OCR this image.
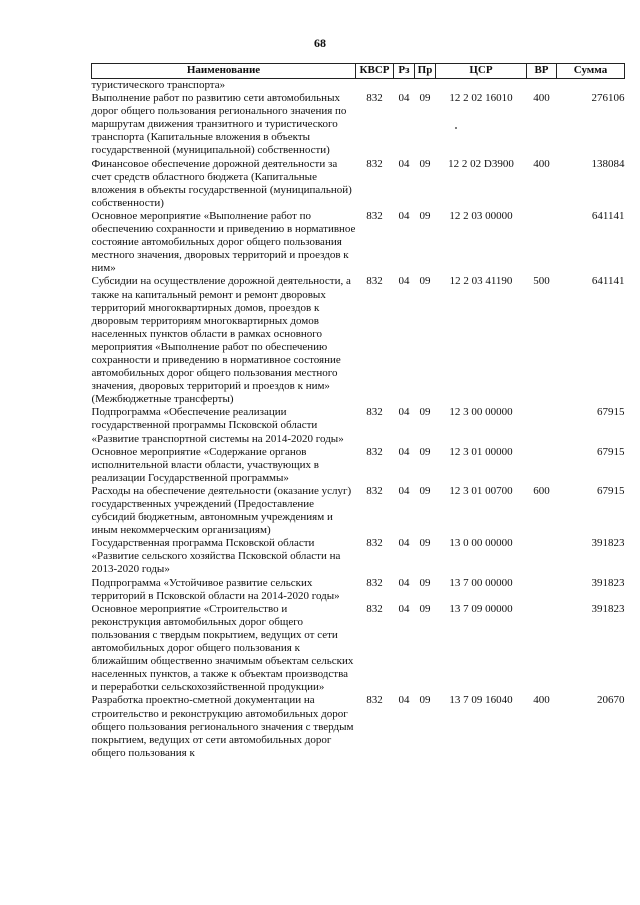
68
Наименование	КВСР	Рз	Пр	ЦСР	ВР	Сумма
туристического транспорта»						
Выполнение работ по развитию сети автомобильных дорог общего пользования регионального значения по маршрутам движения транзитного и туристического транспорта (Капитальные вложения в объекты государственной (муниципальной) собственности)	832	04	09	12 2 02 16010	400	276106
Финансовое обеспечение дорожной деятельности за счет средств областного бюджета (Капитальные вложения в объекты государственной (муниципальной) собственности)	832	04	09	12 2 02 D3900	400	138084
Основное мероприятие «Выполнение работ по обеспечению сохранности и приведению в нормативное состояние автомобильных дорог общего пользования местного значения, дворовых территорий и проездов к ним»	832	04	09	12 2 03 00000		641141
Субсидии на осуществление дорожной деятельности, а также на капитальный ремонт и ремонт дворовых территорий многоквартирных домов, проездов к дворовым территориям многоквартирных домов населенных пунктов области в рамках основного мероприятия «Выполнение работ по обеспечению сохранности и приведению в нормативное состояние автомобильных дорог общего пользования местного значения, дворовых территорий и проездов к ним» (Межбюджетные трансферты)	832	04	09	12 2 03 41190	500	641141
Подпрограмма «Обеспечение реализации государственной программы Псковской области «Развитие транспортной системы на 2014-2020 годы»	832	04	09	12 3 00 00000		67915
Основное мероприятие «Содержание органов исполнительной власти области, участвующих в реализации Государственной программы»	832	04	09	12 3 01 00000		67915
Расходы на обеспечение деятельности (оказание услуг) государственных учреждений (Предоставление субсидий бюджетным, автономным учреждениям и иным некоммерческим организациям)	832	04	09	12 3 01 00700	600	67915
Государственная программа Псковской области «Развитие сельского хозяйства Псковской области на 2013-2020 годы»	832	04	09	13 0 00 00000		391823
Подпрограмма «Устойчивое развитие сельских территорий в Псковской области на 2014-2020 годы»	832	04	09	13 7 00 00000		391823
Основное мероприятие «Строительство и реконструкция автомобильных дорог общего пользования с твердым покрытием, ведущих от сети автомобильных дорог общего пользования к ближайшим общественно значимым объектам сельских населенных пунктов, а также к объектам производства и переработки сельскохозяйственной продукции»	832	04	09	13 7 09 00000		391823
Разработка проектно-сметной документации на строительство и реконструкцию автомобильных дорог общего пользования регионального значения с твердым покрытием, ведущих от сети автомобильных дорог общего пользования к	832	04	09	13 7 09 16040	400	20670
